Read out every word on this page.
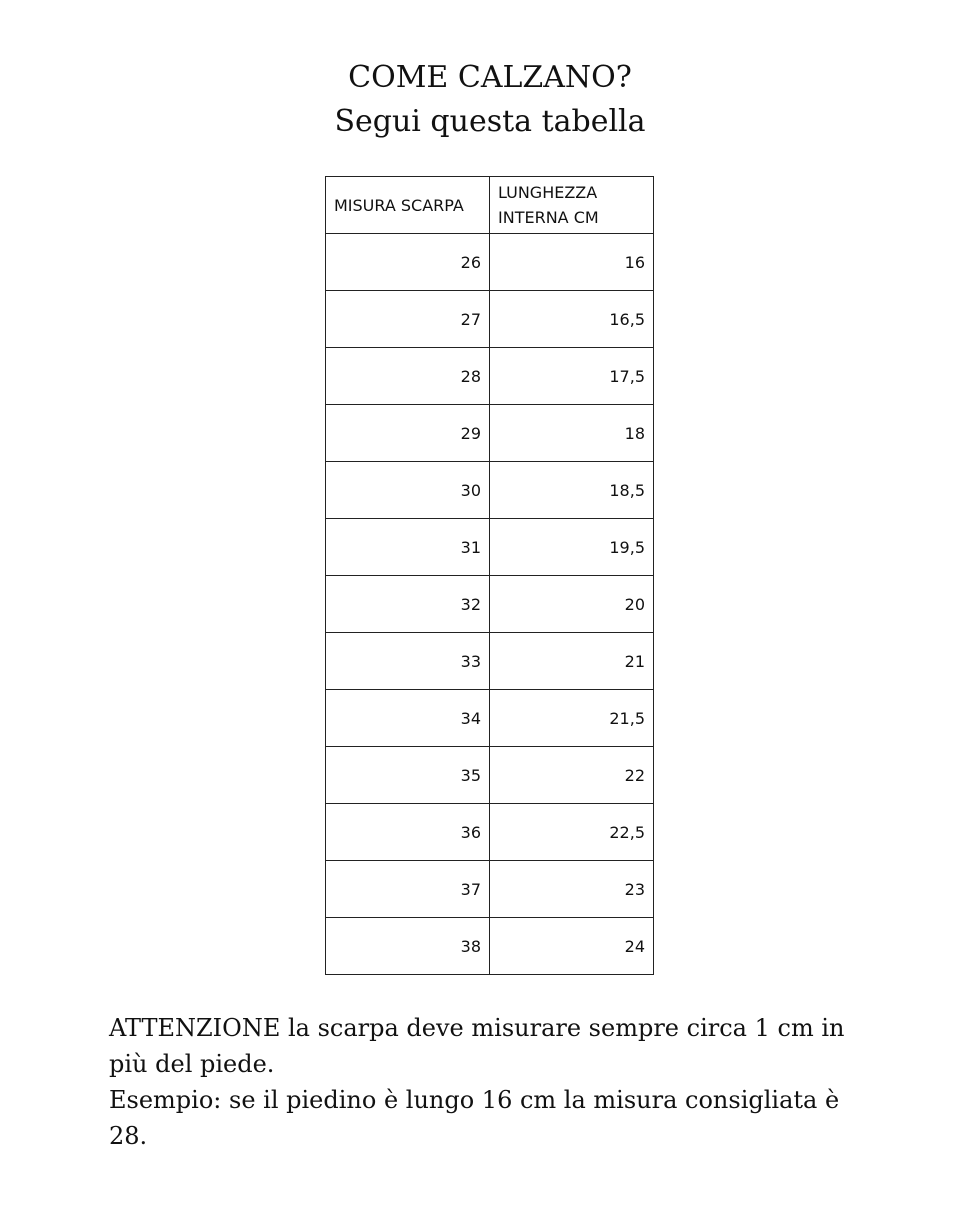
COME CALZANO?
Segui questa tabella
MISURA SCARPA	LUNGHEZZA INTERNA CM
26	16
27	16,5
28	17,5
29	18
30	18,5
31	19,5
32	20
33	21
34	21,5
35	22
36	22,5
37	23
38	24

ATTENZIONE la scarpa deve misurare sempre circa 1 cm in più del piede.

Esempio: se il piedino è lungo 16 cm la misura consigliata è 28.
